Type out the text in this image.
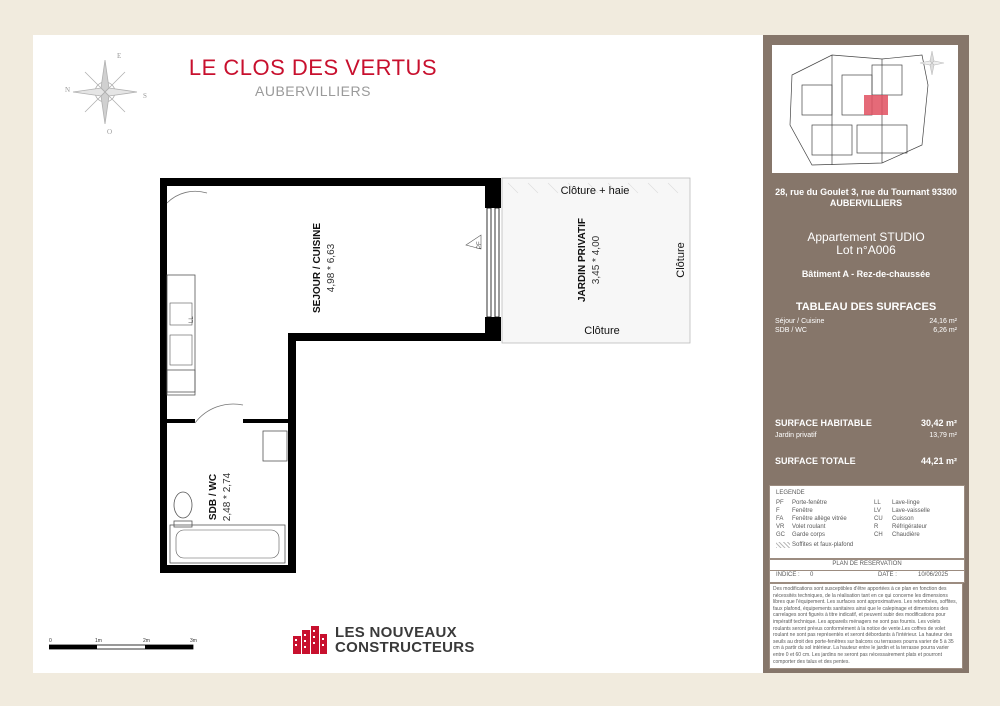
E
S
N
O
LE CLOS DES VERTUS
AUBERVILLIERS
PF
LL
SEJOUR / CUISINE 4,98 * 6,63
SDB / WC 2,48 * 2,74
JARDIN PRIVATIF 3,45 * 4,00
Clôture + haie
Clôture
Clôture
0	1m	2m	3m	LES NOUVEAUX
CONSTRUCTEURS
28, rue du Goulet 3, rue du Tournant 93300 AUBERVILLIERS
Appartement STUDIO
Lot n°A006
Bâtiment A - Rez-de-chaussée
TABLEAU DES SURFACES
Séjour / Cuisine	24,16 m²
SDB / WC	6,26 m²
SURFACE HABITABLE	30,42 m²
Jardin privatif	13,79 m²
SURFACE TOTALE	44,21 m²
LEGENDE
PF Porte-fenêtre
F Fenêtre
FA Fenêtre allège vitrée
VR Volet roulant
GC Garde corps
LL Lave-linge
LV Lave-vaisselle
CU Cuisson
R Réfrigérateur
CH Chaudière
Soffites et faux-plafond
PLAN DE RESERVATION
INDICE : 0	DATE :	10/06/2025
Des modifications sont susceptibles d'être apportées à ce plan en fonction des nécessités techniques, de la réalisation tant en ce qui concerne les dimensions libres que l'équipement. Les surfaces sont approximatives. Les retombées, soffites, faux plafond, équipements sanitaires ainsi que le calepinage et dimensions des carrelages sont figurés à titre indicatif, et peuvent subir des modifications pour impératif technique. Les appareils ménagers ne sont pas fournis. Les volets roulants seront prévus conformément à la notice de vente.Les coffres de volet roulant ne sont pas représentés et seront débordants à l'intérieur. La hauteur des seuils au droit des porte-fenêtres sur balcons ou terrasses pourra varier de 5 à 35 cm à partir du sol intérieur. La hauteur entre le jardin et la terrasse pourra varier entre 0 et 60 cm. Les jardins ne seront pas nécessairement plats et pourront comporter des talus et des pentes.
